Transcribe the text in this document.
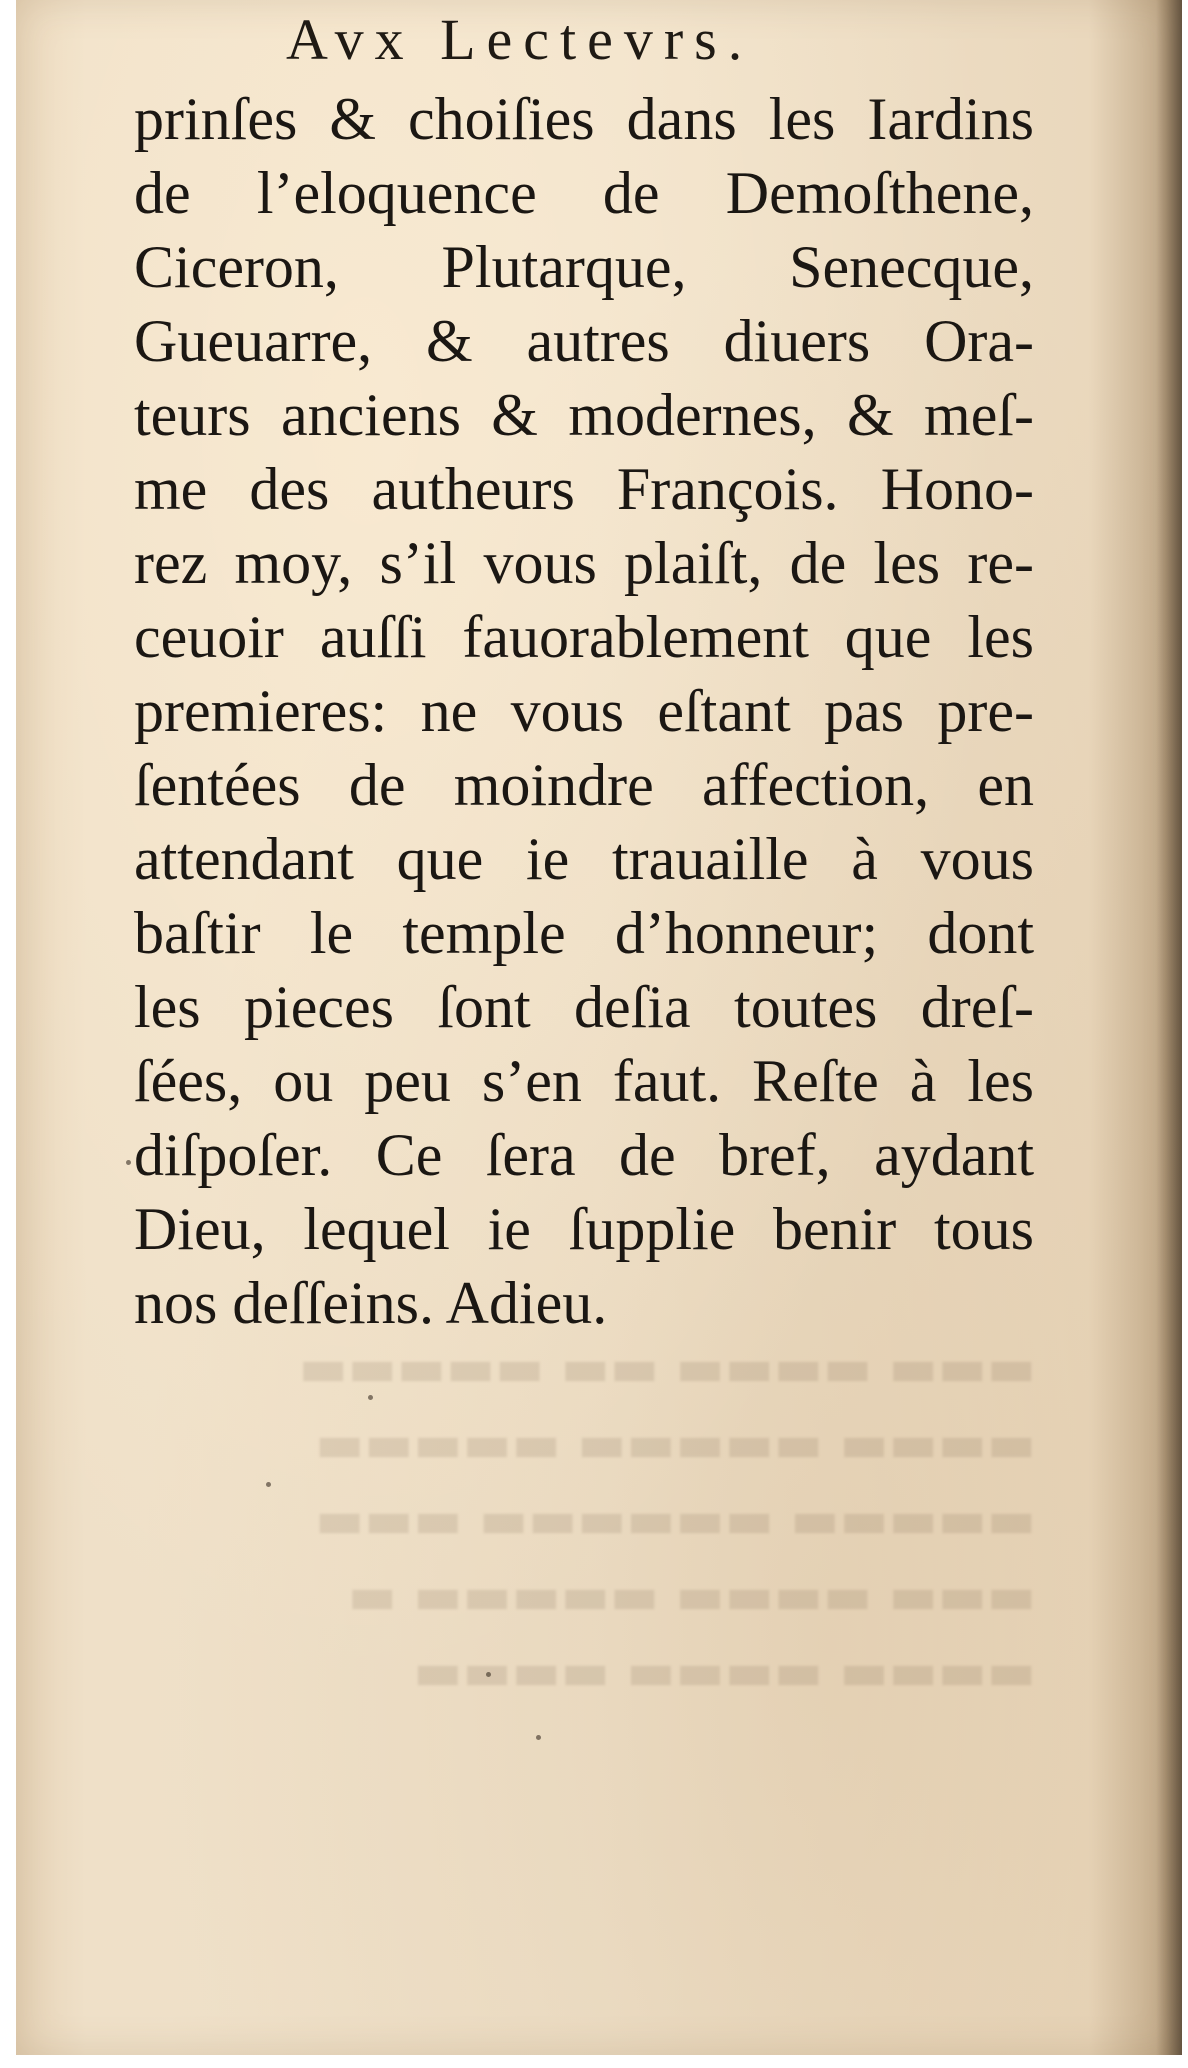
▬▬▬ ▬▬▬▬ ▬▬ ▬▬▬▬▬
▬▬▬▬ ▬▬▬▬▬ ▬▬▬▬▬
▬▬▬▬▬ ▬▬▬▬▬▬ ▬▬▬
▬▬▬ ▬▬▬▬ ▬▬▬▬▬ ▬
▬▬▬▬ ▬▬▬▬ ▬▬▬▬
Avx Lectevrs.
prinſes & choiſies dans les Iardins
de l’eloquence de Demoſthene,
Ciceron, Plutarque, Senecque,
Gueuarre, & autres diuers Ora-
teurs anciens & modernes, & meſ-
me des autheurs François. Hono-
rez moy, s’il vous plaiſt, de les re-
ceuoir auſſi fauorablement que les
premieres: ne vous eſtant pas pre-
ſentées de moindre affection, en
attendant que ie trauaille à vous
baſtir le temple d’honneur; dont
les pieces ſont deſia toutes dreſ-
ſées, ou peu s’en faut. Reſte à les
diſpoſer. Ce ſera de bref, aydant
Dieu, lequel ie ſupplie benir tous
nos deſſeins. Adieu.
